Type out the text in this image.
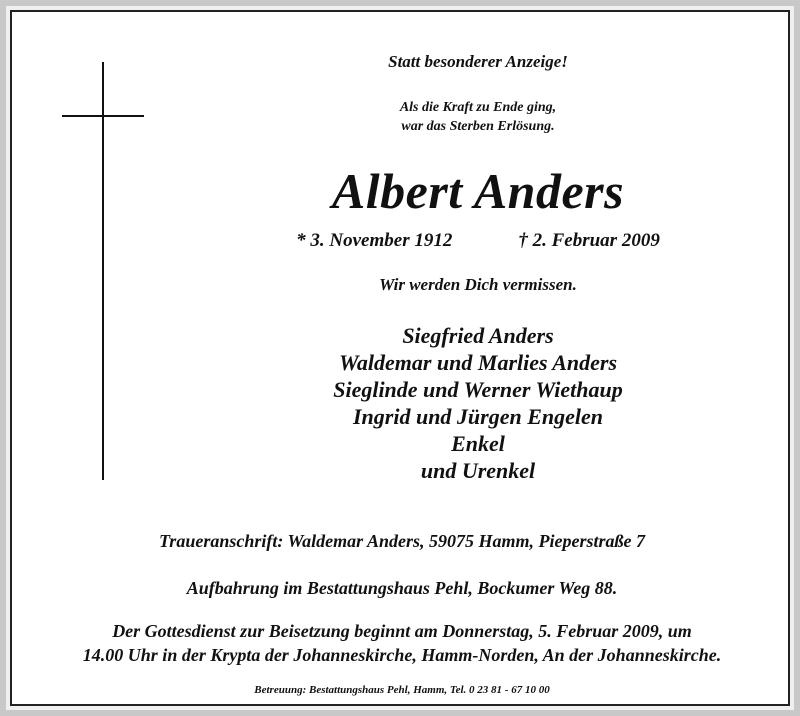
Statt besonderer Anzeige!
Als die Kraft zu Ende ging,
war das Sterben Erlösung.
Albert Anders
* 3. November 1912	† 2. Februar 2009
Wir werden Dich vermissen.
Siegfried Anders
Waldemar und Marlies Anders
Sieglinde und Werner Wiethaup
Ingrid und Jürgen Engelen
Enkel
und Urenkel
Traueranschrift: Waldemar Anders, 59075 Hamm, Pieperstraße 7
Aufbahrung im Bestattungshaus Pehl, Bockumer Weg 88.
Der Gottesdienst zur Beisetzung beginnt am Donnerstag, 5. Februar 2009, um
14.00 Uhr in der Krypta der Johanneskirche, Hamm-Norden, An der Johanneskirche.
Betreuung: Bestattungshaus Pehl, Hamm, Tel. 0 23 81 - 67 10 00
